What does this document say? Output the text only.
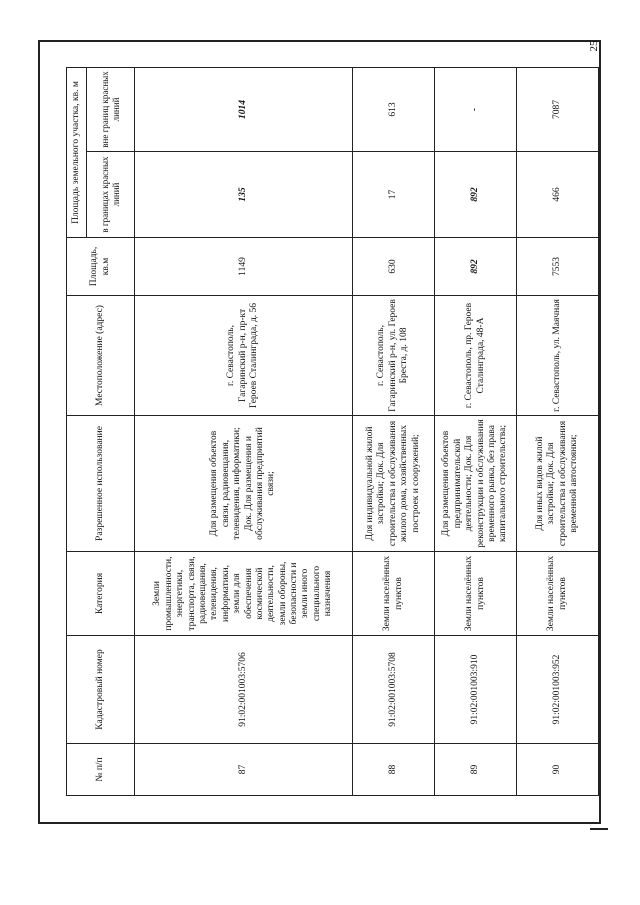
25
№ п/п	Кадастровый номер	Категория	Разрешенное использование	Местоположение (адрес)	Площадь, кв.м	Площадь земельного участка, кв. м	
						в границах красных линий	вне границ красных линий
87	91:02:001003:5706	Земли промышленности, энергетики, транспорта, связи, радиовещания, телевидения, информатики, земли для обеспечения космической деятельности, земли обороны, безопасности и земли иного специального назначения	Для размещения объектов связи, радиовещания, телевидения, информатики; Док. Для размещения и обслуживания предприятий связи;	г. Севастополь, Гагаринский р-н, пр-кт Героев Сталинграда, д. 56	1149	135	1014
88	91:02:001003:5708	Земли населённых пунктов	Для индивидуальной жилой застройки; Док. Для строительства и обслуживания жилого дома, хозяйственных построек и сооружений;	г. Севастополь, Гагаринский р-н, ул. Героев Бреста, д. 108	630	17	613
89	91:02:001003:910	Земли населённых пунктов	Для размещения объектов предпринимательской деятельности; Док. Для реконструкции и обслуживания временного рынка, без права капитального строительства;	г. Севастополь, пр. Героев Сталинграда, 48-А	892	892	-
90	91:02:001003:952	Земли населённых пунктов	Для иных видов жилой застройки; Док. Для строительства и обслуживания временной автостоянки;	г. Севастополь, ул. Маячная	7553	466	7087
